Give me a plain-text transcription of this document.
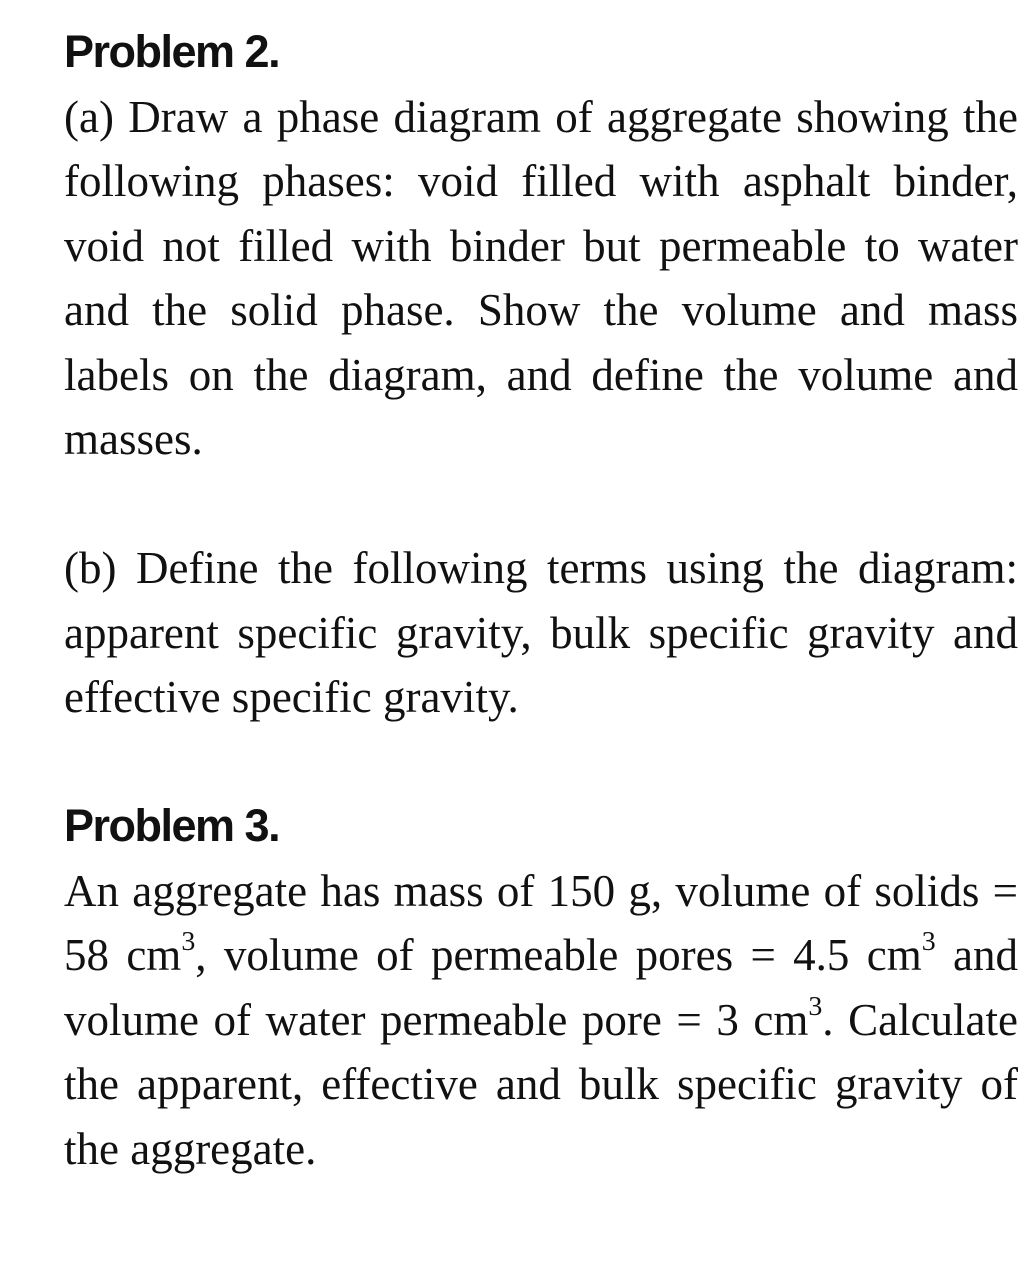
Problem 2.

(a) Draw a phase diagram of aggregate showing the following phases: void filled with asphalt binder, void not filled with binder but permeable to water and the solid phase. Show the volume and mass labels on the diagram, and define the volume and masses.

(b) Define the following terms using the diagram: apparent specific gravity, bulk specific gravity and effective specific gravity.

Problem 3.

An aggregate has mass of 150 g, volume of solids = 58 $cm^3$, volume of permeable pores = 4.5 $cm^3$ and volume of water permeable pore = 3 $cm^3$. Calculate the apparent, effective and bulk specific gravity of the aggregate.
